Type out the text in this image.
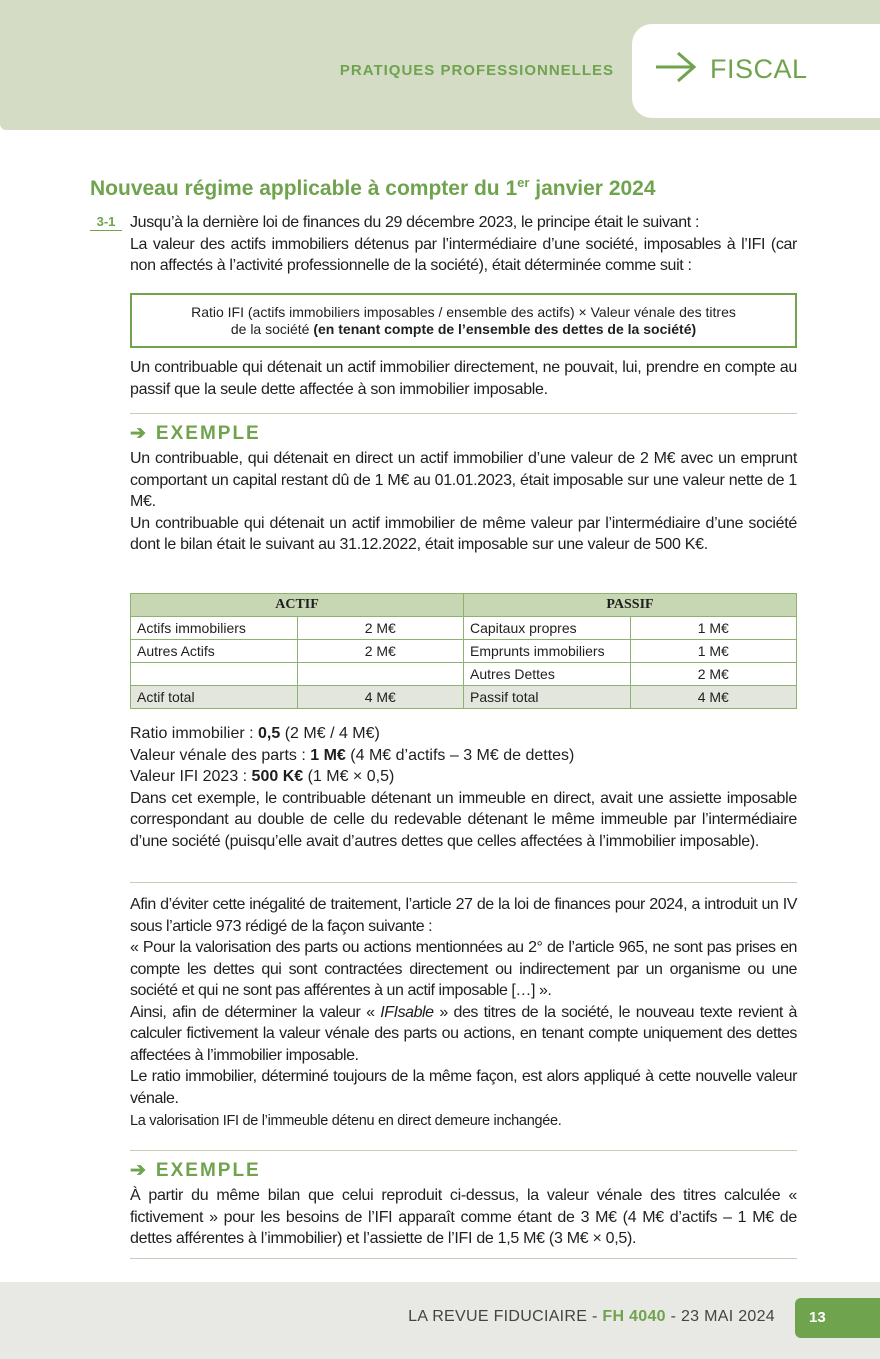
PRATIQUES PROFESSIONNELLES	FISCAL
Nouveau régime applicable à compter du 1er janvier 2024
3-1 Jusqu’à la dernière loi de finances du 29 décembre 2023, le principe était le suivant :

La valeur des actifs immobiliers détenus par l’intermédiaire d’une société, imposables à l’IFI (car non affectés à l’activité professionnelle de la société), était déterminée comme suit :

Ratio IFI (actifs immobiliers imposables / ensemble des actifs) × Valeur vénale des titres
de la société (en tenant compte de l’ensemble des dettes de la société)

Un contribuable qui détenait un actif immobilier directement, ne pouvait, lui, prendre en compte au passif que la seule dette affectée à son immobilier imposable.

➔ EXEMPLE

Un contribuable, qui détenait en direct un actif immobilier d’une valeur de 2 M€ avec un emprunt comportant un capital restant dû de 1 M€ au 01.01.2023, était imposable sur une valeur nette de 1 M€.

Un contribuable qui détenait un actif immobilier de même valeur par l’intermédiaire d’une société dont le bilan était le suivant au 31.12.2022, était imposable sur une valeur de 500 K€.

ACTIF		PASSIF	
Actifs immobiliers	2 M€	Capitaux propres	1 M€
Autres Actifs	2 M€	Emprunts immobiliers	1 M€
		Autres Dettes	2 M€
Actif total	4 M€	Passif total	4 M€

Ratio immobilier : 0,5 (2 M€ / 4 M€)

Valeur vénale des parts : 1 M€ (4 M€ d’actifs – 3 M€ de dettes)

Valeur IFI 2023 : 500 K€ (1 M€ × 0,5)

Dans cet exemple, le contribuable détenant un immeuble en direct, avait une assiette imposable correspondant au double de celle du redevable détenant le même immeuble par l’intermédiaire d’une société (puisqu’elle avait d’autres dettes que celles affectées à l’immobilier imposable).

Afin d’éviter cette inégalité de traitement, l’article 27 de la loi de finances pour 2024, a introduit un IV sous l’article 973 rédigé de la façon suivante :

« Pour la valorisation des parts ou actions mentionnées au 2° de l’article 965, ne sont pas prises en compte les dettes qui sont contractées directement ou indirectement par un organisme ou une société et qui ne sont pas afférentes à un actif imposable […] ».

Ainsi, afin de déterminer la valeur « IFIsable » des titres de la société, le nouveau texte revient à calculer fictivement la valeur vénale des parts ou actions, en tenant compte uniquement des dettes affectées à l’immobilier imposable.

Le ratio immobilier, déterminé toujours de la même façon, est alors appliqué à cette nouvelle valeur vénale.

La valorisation IFI de l’immeuble détenu en direct demeure inchangée.

➔ EXEMPLE

À partir du même bilan que celui reproduit ci-dessus, la valeur vénale des titres calculée « fictivement » pour les besoins de l’IFI apparaît comme étant de 3 M€ (4 M€ d’actifs – 1 M€ de dettes afférentes à l’immobilier) et l’assiette de l’IFI de 1,5 M€ (3 M€ × 0,5).

LA REVUE FIDUCIAIRE - FH 4040 - 23 MAI 2024	13
